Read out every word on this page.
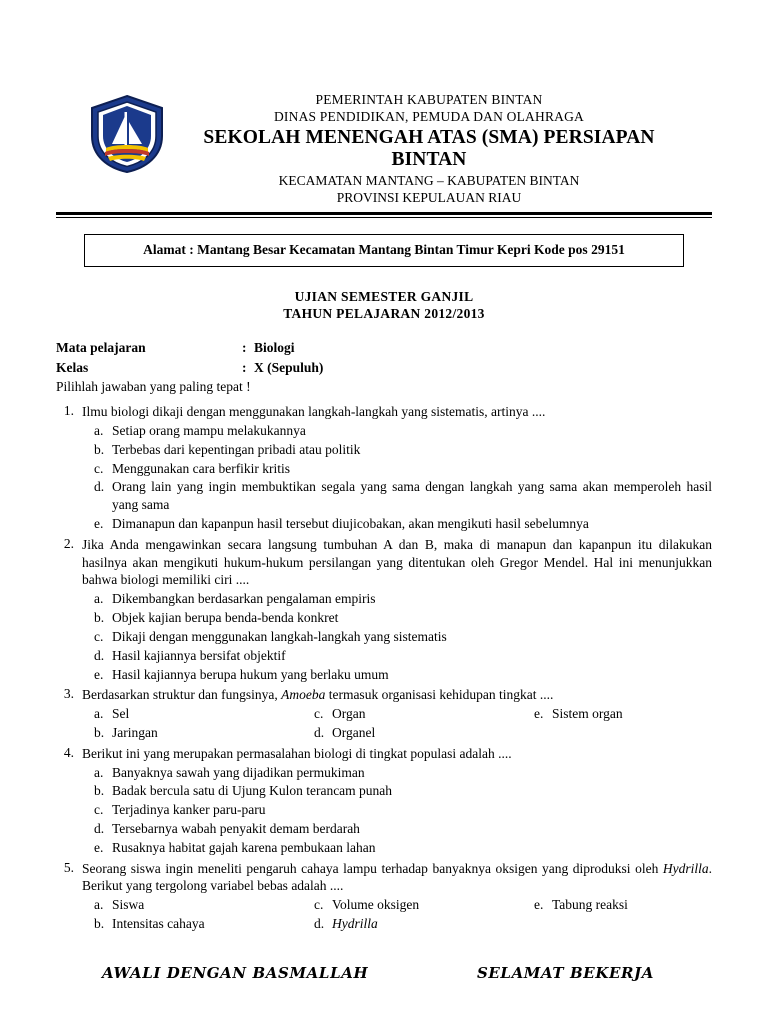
PEMERINTAH KABUPATEN BINTAN
DINAS PENDIDIKAN, PEMUDA DAN OLAHRAGA
SEKOLAH MENENGAH ATAS (SMA) PERSIAPAN BINTAN
KECAMATAN MANTANG – KABUPATEN BINTAN
PROVINSI KEPULAUAN RIAU
Alamat : Mantang Besar Kecamatan Mantang Bintan Timur Kepri Kode pos 29151
UJIAN SEMESTER GANJIL
TAHUN PELAJARAN 2012/2013
Mata pelajaran	: Biologi
Kelas	: X (Sepuluh)
Pilihlah jawaban yang paling tepat !
1. Ilmu biologi dikaji dengan menggunakan langkah-langkah yang sistematis, artinya ....
a. Setiap orang mampu melakukannya
b. Terbebas dari kepentingan pribadi atau politik
c. Menggunakan cara berfikir kritis
d. Orang lain yang ingin membuktikan segala yang sama dengan langkah yang sama akan memperoleh hasil yang sama
e. Dimanapun dan kapanpun hasil tersebut diujicobakan, akan mengikuti hasil sebelumnya
2. Jika Anda mengawinkan secara langsung tumbuhan A dan B, maka di manapun dan kapanpun itu dilakukan hasilnya akan mengikuti hukum-hukum persilangan yang ditentukan oleh Gregor Mendel. Hal ini menunjukkan bahwa biologi memiliki ciri ....
a. Dikembangkan berdasarkan pengalaman empiris
b. Objek kajian berupa benda-benda konkret
c. Dikaji dengan menggunakan langkah-langkah yang sistematis
d. Hasil kajiannya bersifat objektif
e. Hasil kajiannya berupa hukum yang berlaku umum
3. Berdasarkan struktur dan fungsinya, Amoeba termasuk organisasi kehidupan tingkat ....
a. Sel	c. Organ	e. Sistem organ
b. Jaringan	d. Organel
4. Berikut ini yang merupakan permasalahan biologi di tingkat populasi adalah ....
a. Banyaknya sawah yang dijadikan permukiman
b. Badak bercula satu di Ujung Kulon terancam punah
c. Terjadinya kanker paru-paru
d. Tersebarnya wabah penyakit demam berdarah
e. Rusaknya habitat gajah karena pembukaan lahan
5. Seorang siswa ingin meneliti pengaruh cahaya lampu terhadap banyaknya oksigen yang diproduksi oleh Hydrilla. Berikut yang tergolong variabel bebas adalah ....
a. Siswa	c. Volume oksigen	e. Tabung reaksi
b. Intensitas cahaya	d. Hydrilla
AWALI DENGAN BASMALLAH	SELAMAT BEKERJA
